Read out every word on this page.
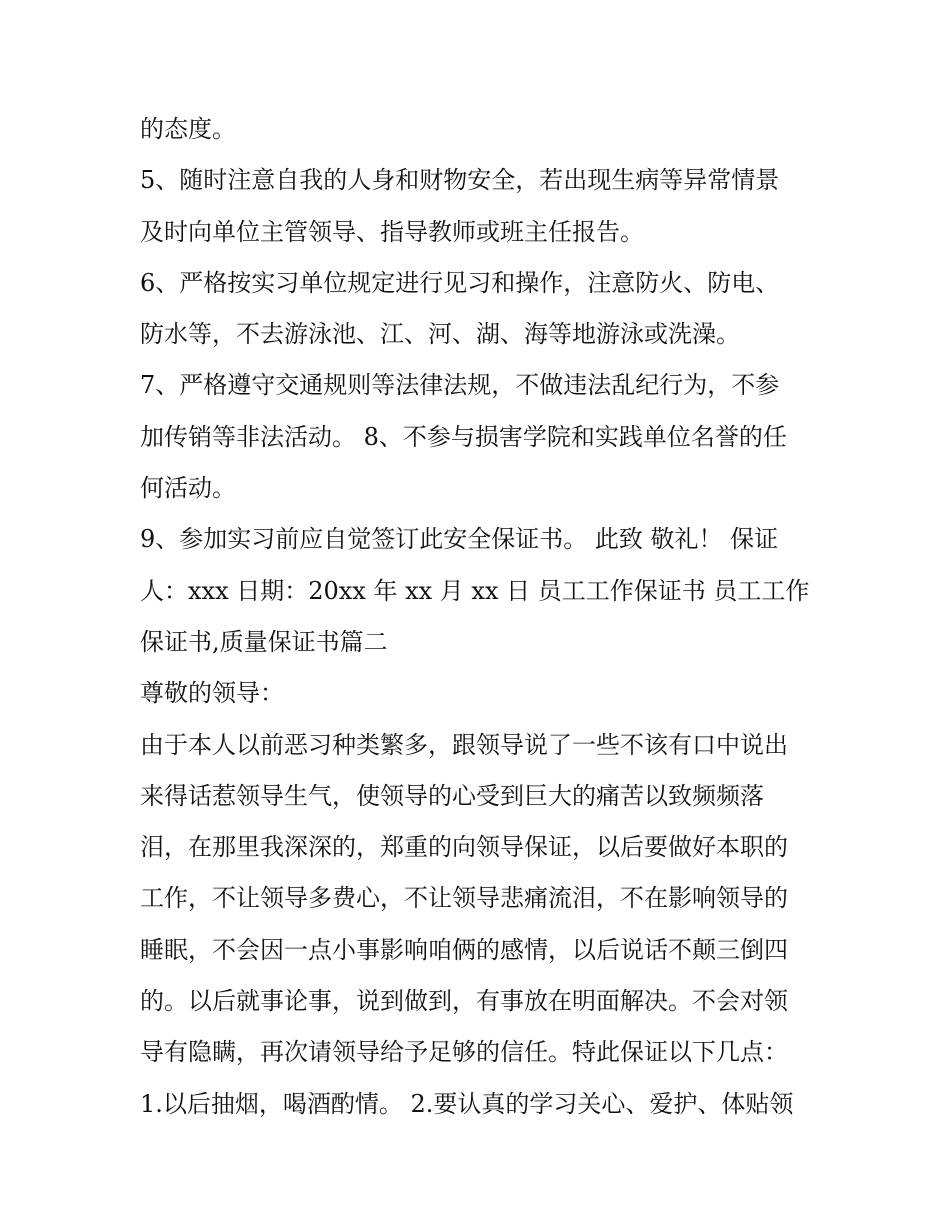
的态度。
5、随时注意自我的人身和财物安全，若出现生病等异常情景
及时向单位主管领导、指导教师或班主任报告。
6、严格按实习单位规定进行见习和操作，注意防火、防电、
防水等，不去游泳池、江、河、湖、海等地游泳或洗澡。
7、严格遵守交通规则等法律法规，不做违法乱纪行为，不参
加传销等非法活动。 8、不参与损害学院和实践单位名誉的任
何活动。
9、参加实习前应自觉签订此安全保证书。 此致 敬礼！ 保证
人：xxx 日期：20xx 年 xx 月 xx 日 员工工作保证书 员工工作
保证书,质量保证书篇二
尊敬的领导：
由于本人以前恶习种类繁多，跟领导说了一些不该有口中说出
来得话惹领导生气，使领导的心受到巨大的痛苦以致频频落
泪，在那里我深深的，郑重的向领导保证，以后要做好本职的
工作，不让领导多费心，不让领导悲痛流泪，不在影响领导的
睡眠，不会因一点小事影响咱俩的感情，以后说话不颠三倒四
的。以后就事论事，说到做到，有事放在明面解决。不会对领
导有隐瞒，再次请领导给予足够的信任。特此保证以下几点：
1.以后抽烟，喝酒酌情。 2.要认真的学习关心、爱护、体贴领
